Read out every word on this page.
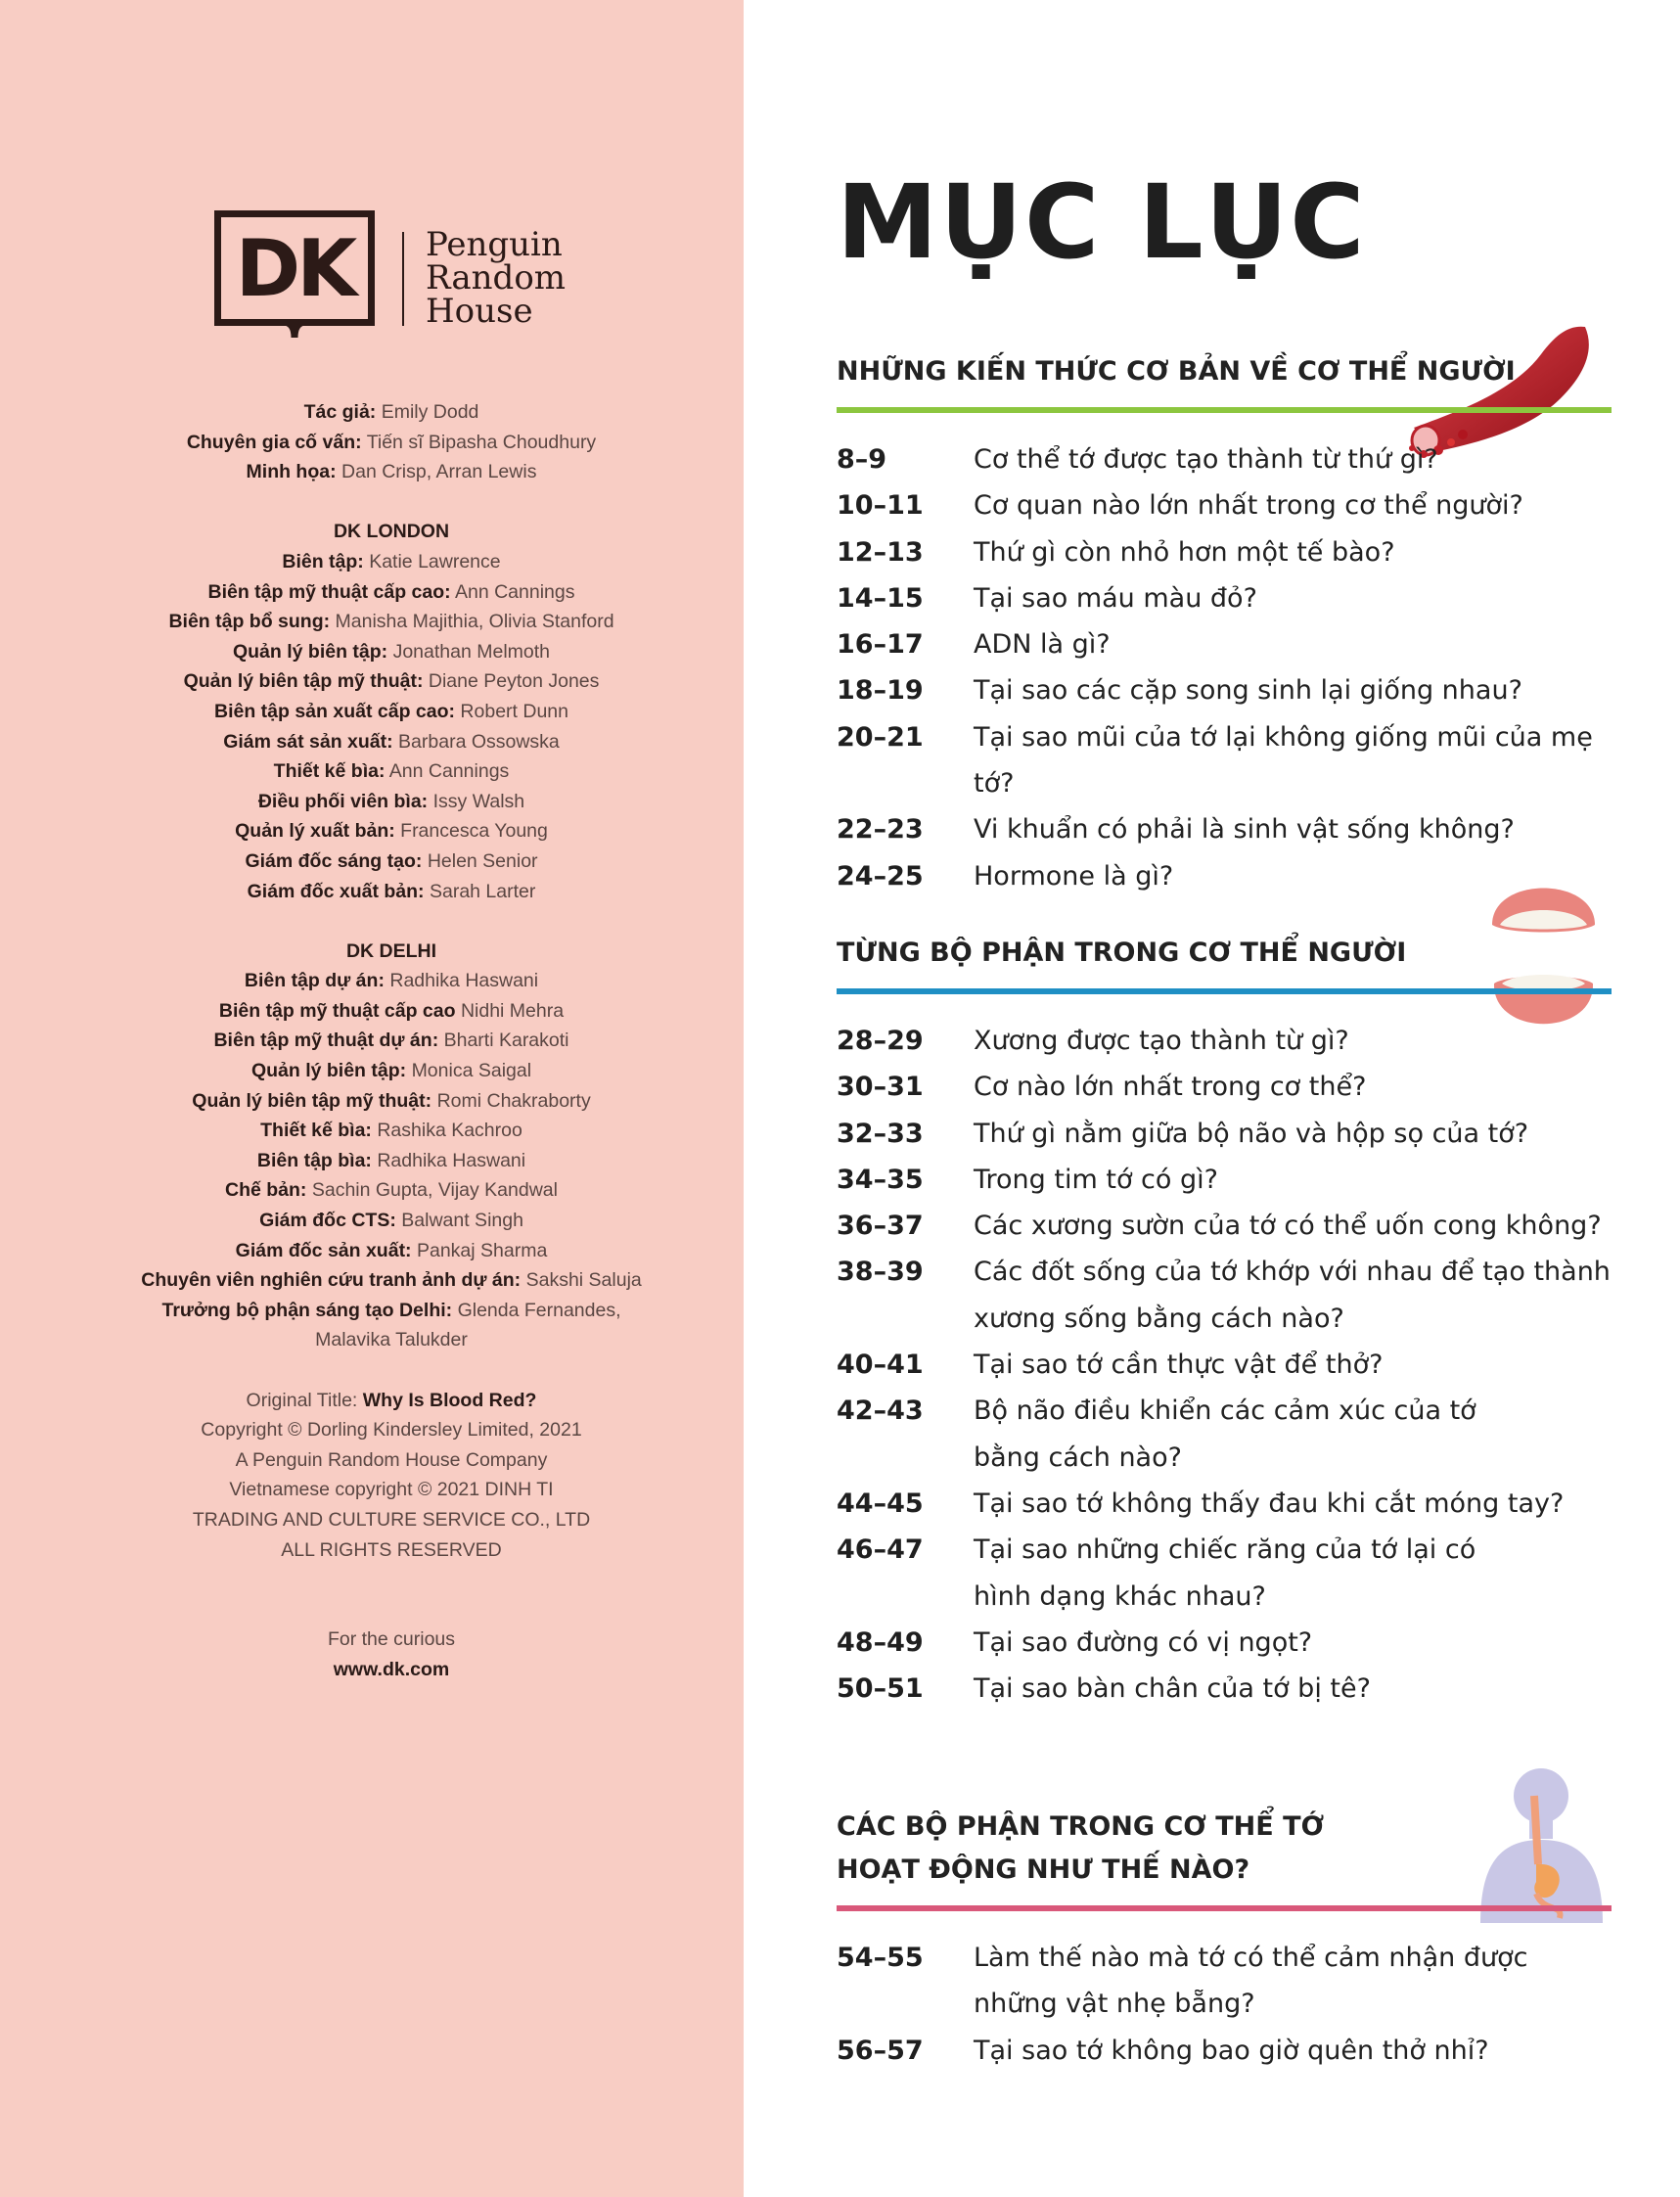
DK Penguin
Random
House
Tác giả: Emily Dodd
Chuyên gia cố vấn: Tiến sĩ Bipasha Choudhury
Minh họa: Dan Crisp, Arran Lewis
DK LONDON
Biên tập: Katie Lawrence
Biên tập mỹ thuật cấp cao: Ann Cannings
Biên tập bổ sung: Manisha Majithia, Olivia Stanford
Quản lý biên tập: Jonathan Melmoth
Quản lý biên tập mỹ thuật: Diane Peyton Jones
Biên tập sản xuất cấp cao: Robert Dunn
Giám sát sản xuất: Barbara Ossowska
Thiết kế bìa: Ann Cannings
Điều phối viên bìa: Issy Walsh
Quản lý xuất bản: Francesca Young
Giám đốc sáng tạo: Helen Senior
Giám đốc xuất bản: Sarah Larter
DK DELHI
Biên tập dự án: Radhika Haswani
Biên tập mỹ thuật cấp cao Nidhi Mehra
Biên tập mỹ thuật dự án: Bharti Karakoti
Quản lý biên tập: Monica Saigal
Quản lý biên tập mỹ thuật: Romi Chakraborty
Thiết kế bìa: Rashika Kachroo
Biên tập bìa: Radhika Haswani
Chế bản: Sachin Gupta, Vijay Kandwal
Giám đốc CTS: Balwant Singh
Giám đốc sản xuất: Pankaj Sharma
Chuyên viên nghiên cứu tranh ảnh dự án: Sakshi Saluja
Trưởng bộ phận sáng tạo Delhi: Glenda Fernandes,
Malavika Talukder
Original Title: Why Is Blood Red?
Copyright © Dorling Kindersley Limited, 2021
A Penguin Random House Company
Vietnamese copyright © 2021 DINH TI
TRADING AND CULTURE SERVICE CO., LTD
ALL RIGHTS RESERVED
For the curious
www.dk.com
MỤC LỤC
NHỮNG KIẾN THỨC CƠ BẢN VỀ CƠ THỂ NGƯỜI
8–9	Cơ thể tớ được tạo thành từ thứ gì?
10–11	Cơ quan nào lớn nhất trong cơ thể người?
12–13	Thứ gì còn nhỏ hơn một tế bào?
14–15	Tại sao máu màu đỏ?
16–17	ADN là gì?
18–19	Tại sao các cặp song sinh lại giống nhau?
20–21	Tại sao mũi của tớ lại không giống mũi của mẹ tớ?
22–23	Vi khuẩn có phải là sinh vật sống không?
24–25	Hormone là gì?
TỪNG BỘ PHẬN TRONG CƠ THỂ NGƯỜI
28–29	Xương được tạo thành từ gì?
30–31	Cơ nào lớn nhất trong cơ thể?
32–33	Thứ gì nằm giữa bộ não và hộp sọ của tớ?
34–35	Trong tim tớ có gì?
36–37	Các xương sườn của tớ có thể uốn cong không?
38–39	Các đốt sống của tớ khớp với nhau để tạo thành
xương sống bằng cách nào?
40–41	Tại sao tớ cần thực vật để thở?
42–43	Bộ não điều khiển các cảm xúc của tớ
bằng cách nào?
44–45	Tại sao tớ không thấy đau khi cắt móng tay?
46–47	Tại sao những chiếc răng của tớ lại có
hình dạng khác nhau?
48–49	Tại sao đường có vị ngọt?
50–51	Tại sao bàn chân của tớ bị tê?
CÁC BỘ PHẬN TRONG CƠ THỂ TỚ
HOẠT ĐỘNG NHƯ THẾ NÀO?
54–55	Làm thế nào mà tớ có thể cảm nhận được
những vật nhẹ bẵng?
56–57	Tại sao tớ không bao giờ quên thở nhỉ?
